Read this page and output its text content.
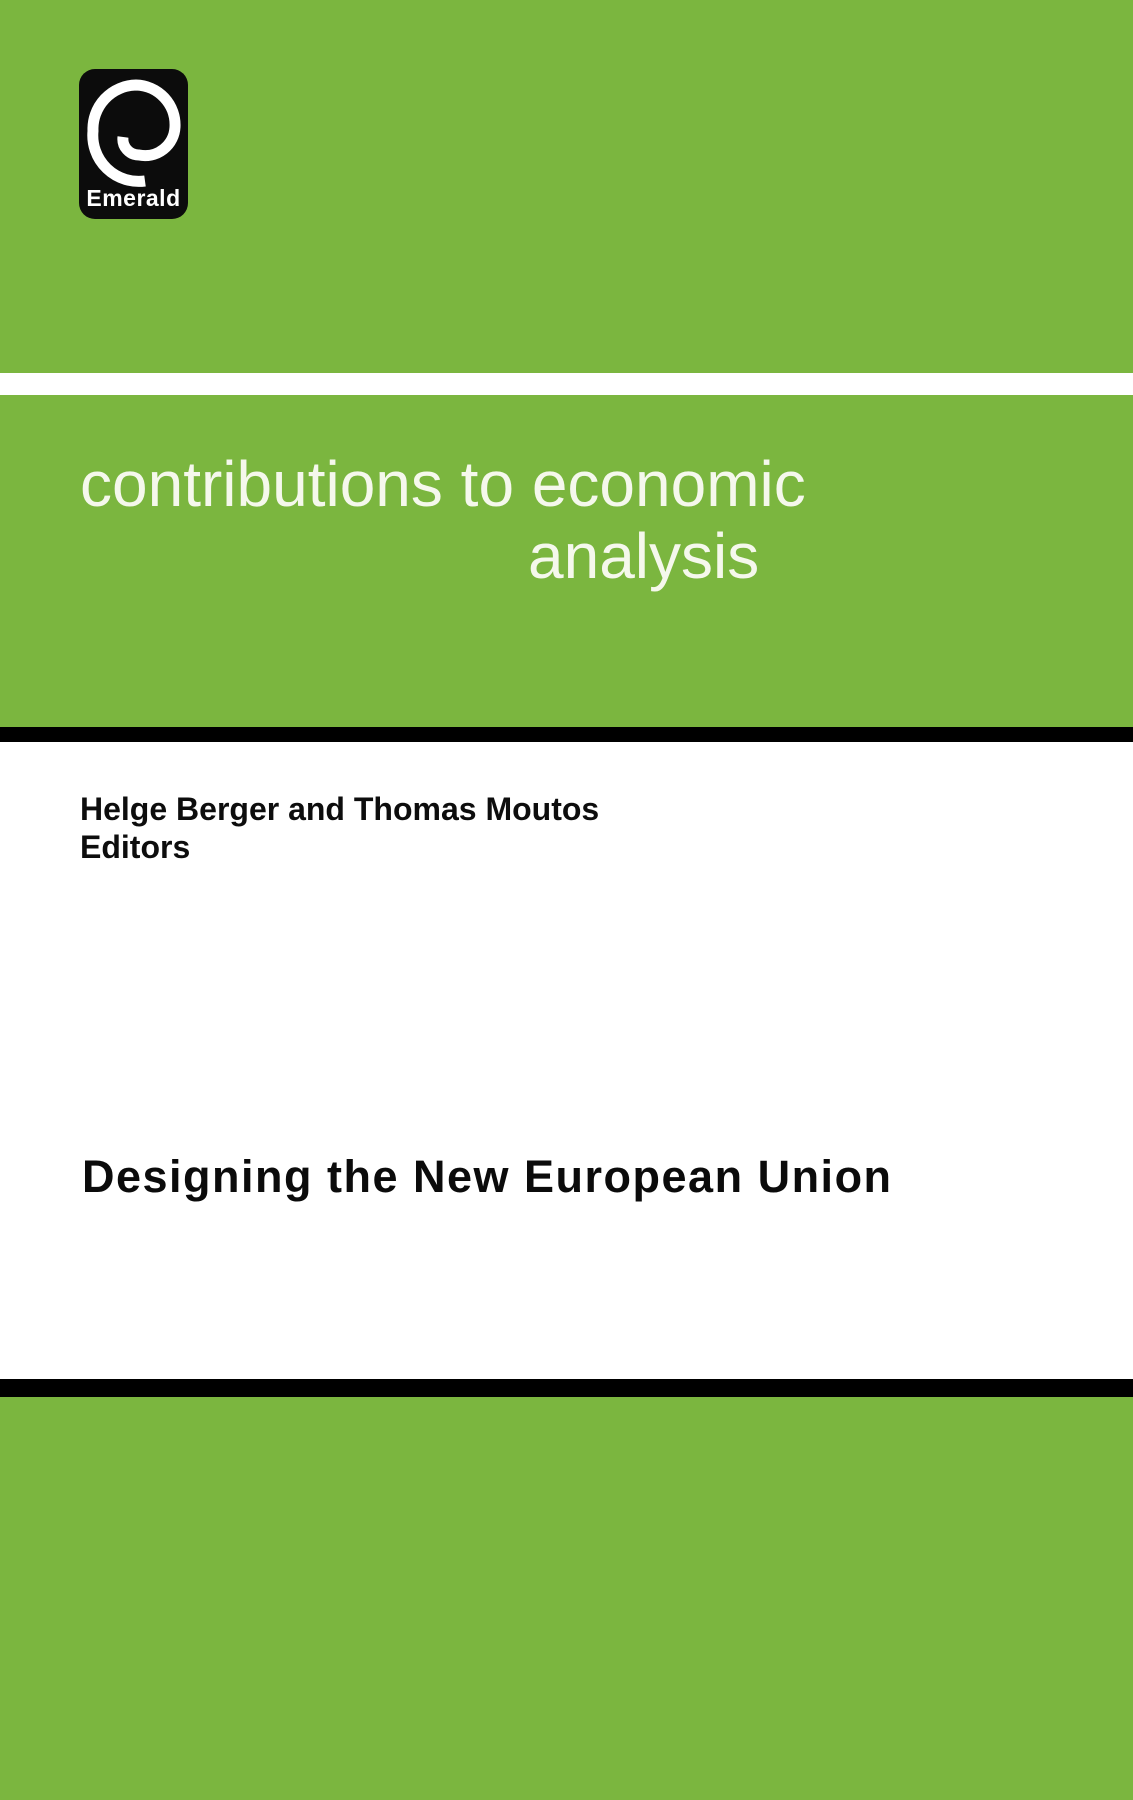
Emerald
contributions to economic
analysis
Helge Berger and Thomas Moutos
Editors
Designing the New European Union
